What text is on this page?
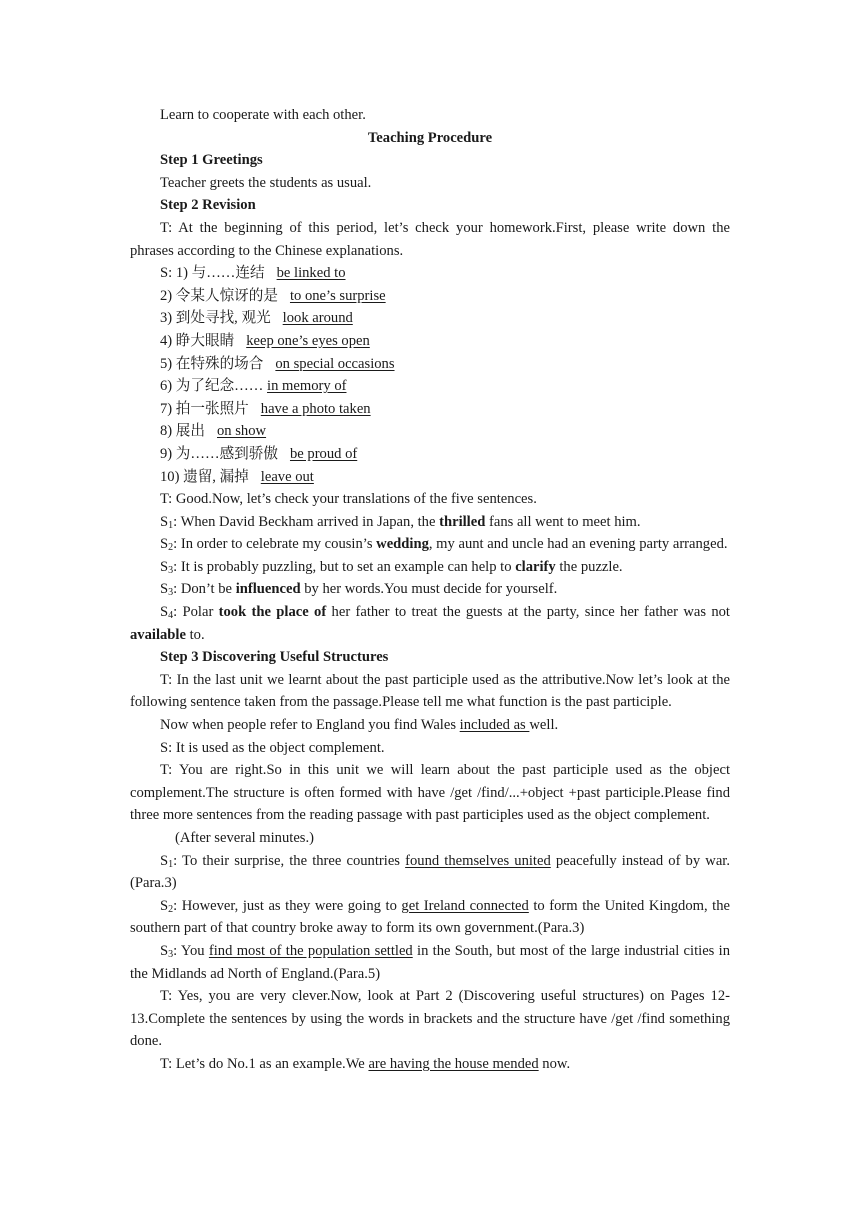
Learn to cooperate with each other.

Teaching Procedure

Step 1 Greetings

Teacher greets the students as usual.

Step 2 Revision

T: At the beginning of this period, let’s check your homework.First, please write down the phrases according to the Chinese explanations.

S: 1) 与……连结 be linked to

2) 令某人惊讶的是 to one’s surprise

3) 到处寻找, 观光 look around

4) 睁大眼睛 keep one’s eyes open

5) 在特殊的场合 on special occasions

6) 为了纪念…… in memory of

7) 拍一张照片 have a photo taken

8) 展出 on show

9) 为……感到骄傲 be proud of

10) 遗留, 漏掉 leave out

T: Good.Now, let’s check your translations of the five sentences.

$S_1$: When David Beckham arrived in Japan, the thrilled fans all went to meet him.

$S_2$: In order to celebrate my cousin’s wedding, my aunt and uncle had an evening party arranged.

$S_3$: It is probably puzzling, but to set an example can help to clarify the puzzle.

$S_3$: Don’t be influenced by her words.You must decide for yourself.

$S_4$: Polar took the place of her father to treat the guests at the party, since her father was not available to.

Step 3 Discovering Useful Structures

T: In the last unit we learnt about the past participle used as the attributive.Now let’s look at the following sentence taken from the passage.Please tell me what function is the past participle.

Now when people refer to England you find Wales included as well.

S: It is used as the object complement.

T: You are right.So in this unit we will learn about the past participle used as the object complement.The structure is often formed with have /get /find/...+object +past participle.Please find three more sentences from the reading passage with past participles used as the object complement.

(After several minutes.)

$S_1$: To their surprise, the three countries found themselves united peacefully instead of by war.(Para.3)

$S_2$: However, just as they were going to get Ireland connected to form the United Kingdom, the southern part of that country broke away to form its own government.(Para.3)

$S_3$: You find most of the population settled in the South, but most of the large industrial cities in the Midlands ad North of England.(Para.5)

T: Yes, you are very clever.Now, look at Part 2 (Discovering useful structures) on Pages 12-13.Complete the sentences by using the words in brackets and the structure have /get /find something done.

T: Let’s do No.1 as an example.We are having the house mended now.
